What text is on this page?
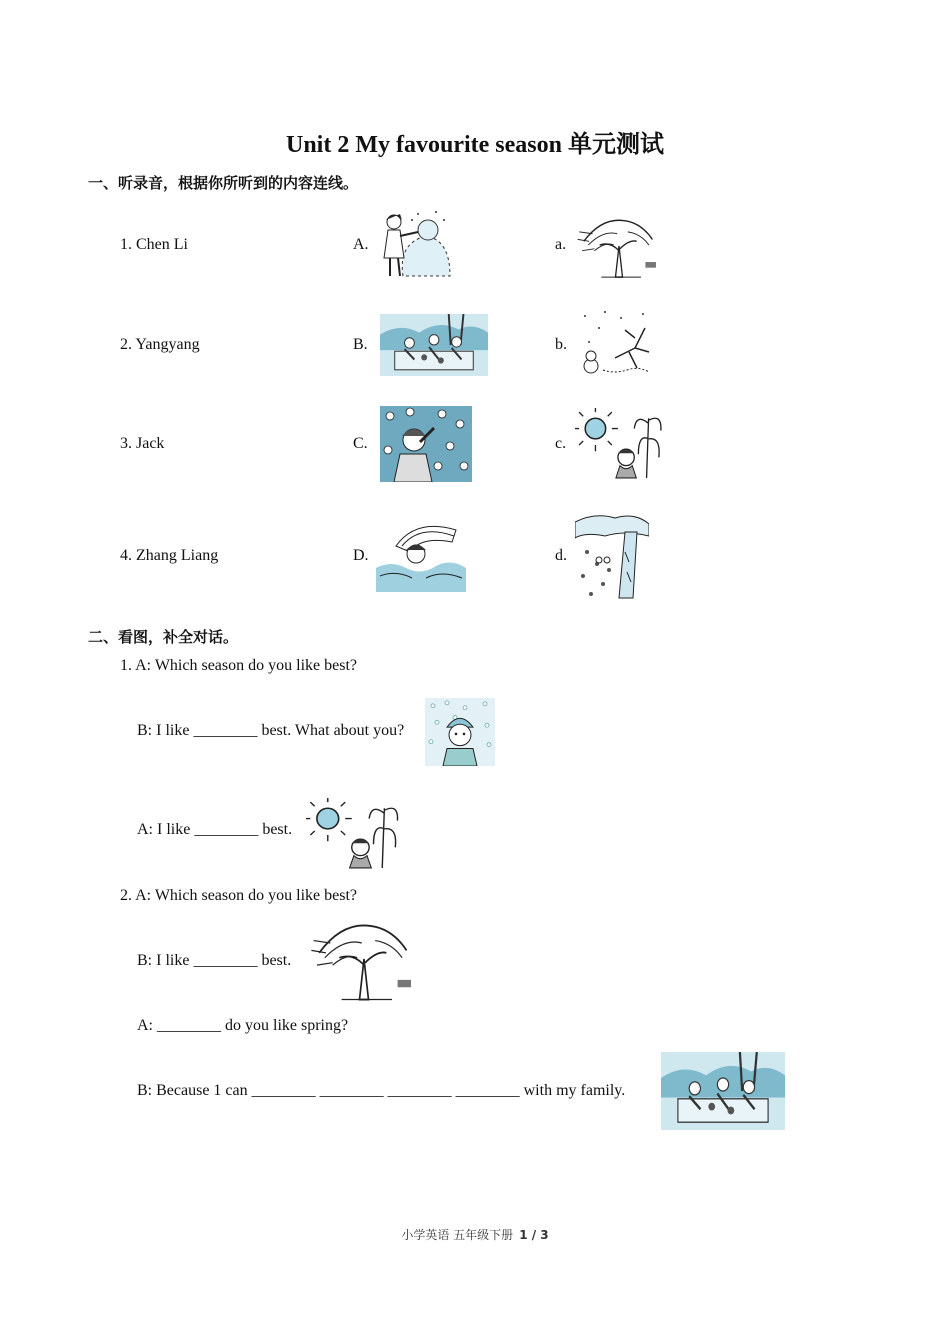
Unit 2 My favourite season 单元测试
一、听录音，根据你所听到的内容连线。
1. Chen Li	A.	a.
2. Yangyang	B.	b.
3. Jack	C.	c.
4. Zhang Liang	D.	d.
二、看图，补全对话。
1. A: Which season do you like best?
B: I like ________ best. What about you?
A: I like ________ best.
2. A: Which season do you like best?
B: I like ________ best.
A: ________ do you like spring?
B: Because 1 can ________ ________ ________ ________ with my family.
小学英语 五年级下册 1 / 3
